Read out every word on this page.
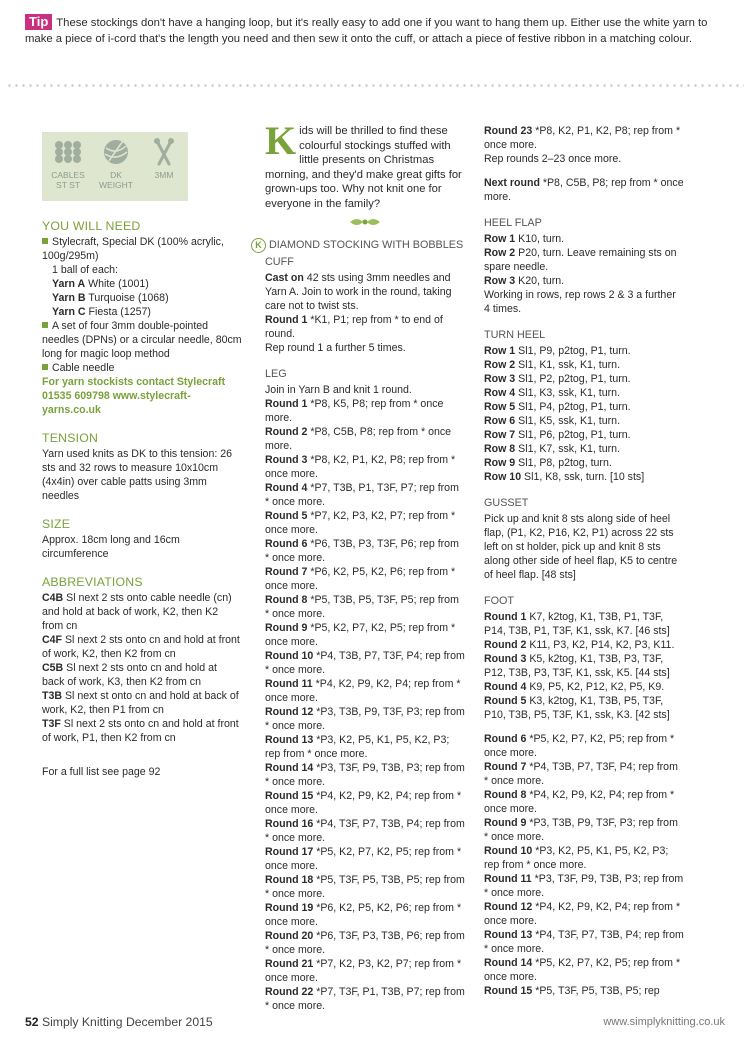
Tip These stockings don't have a hanging loop, but it's really easy to add one if you want to hang them up. Either use the white yarn to make a piece of i-cord that's the length you need and then sew it onto the cuff, or attach a piece of festive ribbon in a matching colour.
CABLES
ST ST
DK
WEIGHT
3MM
YOU WILL NEED

Stylecraft, Special DK (100% acrylic, 100g/295m)

1 ball of each:

Yarn A White (1001)

Yarn B Turquoise (1068)

Yarn C Fiesta (1257)

A set of four 3mm double-pointed needles (DPNs) or a circular needle, 80cm long for magic loop method

Cable needle

For yarn stockists contact Stylecraft 01535 609798 www.stylecraft-yarns.co.uk

TENSION

Yarn used knits as DK to this tension: 26 sts and 32 rows to measure 10x10cm (4x4in) over cable patts using 3mm needles

SIZE

Approx. 18cm long and 16cm circumference

ABBREVIATIONS

C4B Sl next 2 sts onto cable needle (cn) and hold at back of work, K2, then K2 from cn

C4F Sl next 2 sts onto cn and hold at front of work, K2, then K2 from cn

C5B Sl next 2 sts onto cn and hold at back of work, K3, then K2 from cn

T3B Sl next st onto cn and hold at back of work, K2, then P1 from cn

T3F Sl next 2 sts onto cn and hold at front of work, P1, then K2 from cn

For a full list see page 92

Kids will be thrilled to find these colourful stockings stuffed with little presents on Christmas morning, and they'd make great gifts for grown-ups too. Why not knit one for everyone in the family?
K DIAMOND STOCKING WITH BOBBLES
CUFF

Cast on 42 sts using 3mm needles and Yarn A. Join to work in the round, taking care not to twist sts.

Round 1 *K1, P1; rep from * to end of round.

Rep round 1 a further 5 times.

LEG

Join in Yarn B and knit 1 round.

Round 1 *P8, K5, P8; rep from * once more.

Round 2 *P8, C5B, P8; rep from * once more.

Round 3 *P8, K2, P1, K2, P8; rep from * once more.

Round 4 *P7, T3B, P1, T3F, P7; rep from * once more.

Round 5 *P7, K2, P3, K2, P7; rep from * once more.

Round 6 *P6, T3B, P3, T3F, P6; rep from * once more.

Round 7 *P6, K2, P5, K2, P6; rep from * once more.

Round 8 *P5, T3B, P5, T3F, P5; rep from * once more.

Round 9 *P5, K2, P7, K2, P5; rep from * once more.

Round 10 *P4, T3B, P7, T3F, P4; rep from * once more.

Round 11 *P4, K2, P9, K2, P4; rep from * once more.

Round 12 *P3, T3B, P9, T3F, P3; rep from * once more.

Round 13 *P3, K2, P5, K1, P5, K2, P3; rep from * once more.

Round 14 *P3, T3F, P9, T3B, P3; rep from * once more.

Round 15 *P4, K2, P9, K2, P4; rep from * once more.

Round 16 *P4, T3F, P7, T3B, P4; rep from * once more.

Round 17 *P5, K2, P7, K2, P5; rep from * once more.

Round 18 *P5, T3F, P5, T3B, P5; rep from * once more.

Round 19 *P6, K2, P5, K2, P6; rep from * once more.

Round 20 *P6, T3F, P3, T3B, P6; rep from * once more.

Round 21 *P7, K2, P3, K2, P7; rep from * once more.

Round 22 *P7, T3F, P1, T3B, P7; rep from * once more.

Round 23 *P8, K2, P1, K2, P8; rep from * once more.

Rep rounds 2–23 once more.

Next round *P8, C5B, P8; rep from * once more.

HEEL FLAP

Row 1 K10, turn.

Row 2 P20, turn. Leave remaining sts on spare needle.

Row 3 K20, turn.

Working in rows, rep rows 2 & 3 a further 4 times.

TURN HEEL

Row 1 Sl1, P9, p2tog, P1, turn.

Row 2 Sl1, K1, ssk, K1, turn.

Row 3 Sl1, P2, p2tog, P1, turn.

Row 4 Sl1, K3, ssk, K1, turn.

Row 5 Sl1, P4, p2tog, P1, turn.

Row 6 Sl1, K5, ssk, K1, turn.

Row 7 Sl1, P6, p2tog, P1, turn.

Row 8 Sl1, K7, ssk, K1, turn.

Row 9 Sl1, P8, p2tog, turn.

Row 10 Sl1, K8, ssk, turn. [10 sts]

GUSSET

Pick up and knit 8 sts along side of heel flap, (P1, K2, P16, K2, P1) across 22 sts left on st holder, pick up and knit 8 sts along other side of heel flap, K5 to centre of heel flap. [48 sts]

FOOT

Round 1 K7, k2tog, K1, T3B, P1, T3F, P14, T3B, P1, T3F, K1, ssk, K7. [46 sts]

Round 2 K11, P3, K2, P14, K2, P3, K11.

Round 3 K5, k2tog, K1, T3B, P3, T3F, P12, T3B, P3, T3F, K1, ssk, K5. [44 sts]

Round 4 K9, P5, K2, P12, K2, P5, K9.

Round 5 K3, k2tog, K1, T3B, P5, T3F, P10, T3B, P5, T3F, K1, ssk, K3. [42 sts]

Round 6 *P5, K2, P7, K2, P5; rep from * once more.

Round 7 *P4, T3B, P7, T3F, P4; rep from * once more.

Round 8 *P4, K2, P9, K2, P4; rep from * once more.

Round 9 *P3, T3B, P9, T3F, P3; rep from * once more.

Round 10 *P3, K2, P5, K1, P5, K2, P3; rep from * once more.

Round 11 *P3, T3F, P9, T3B, P3; rep from * once more.

Round 12 *P4, K2, P9, K2, P4; rep from * once more.

Round 13 *P4, T3F, P7, T3B, P4; rep from * once more.

Round 14 *P5, K2, P7, K2, P5; rep from * once more.

Round 15 *P5, T3F, P5, T3B, P5; rep

52 Simply Knitting December 2015	www.simplyknitting.co.uk
